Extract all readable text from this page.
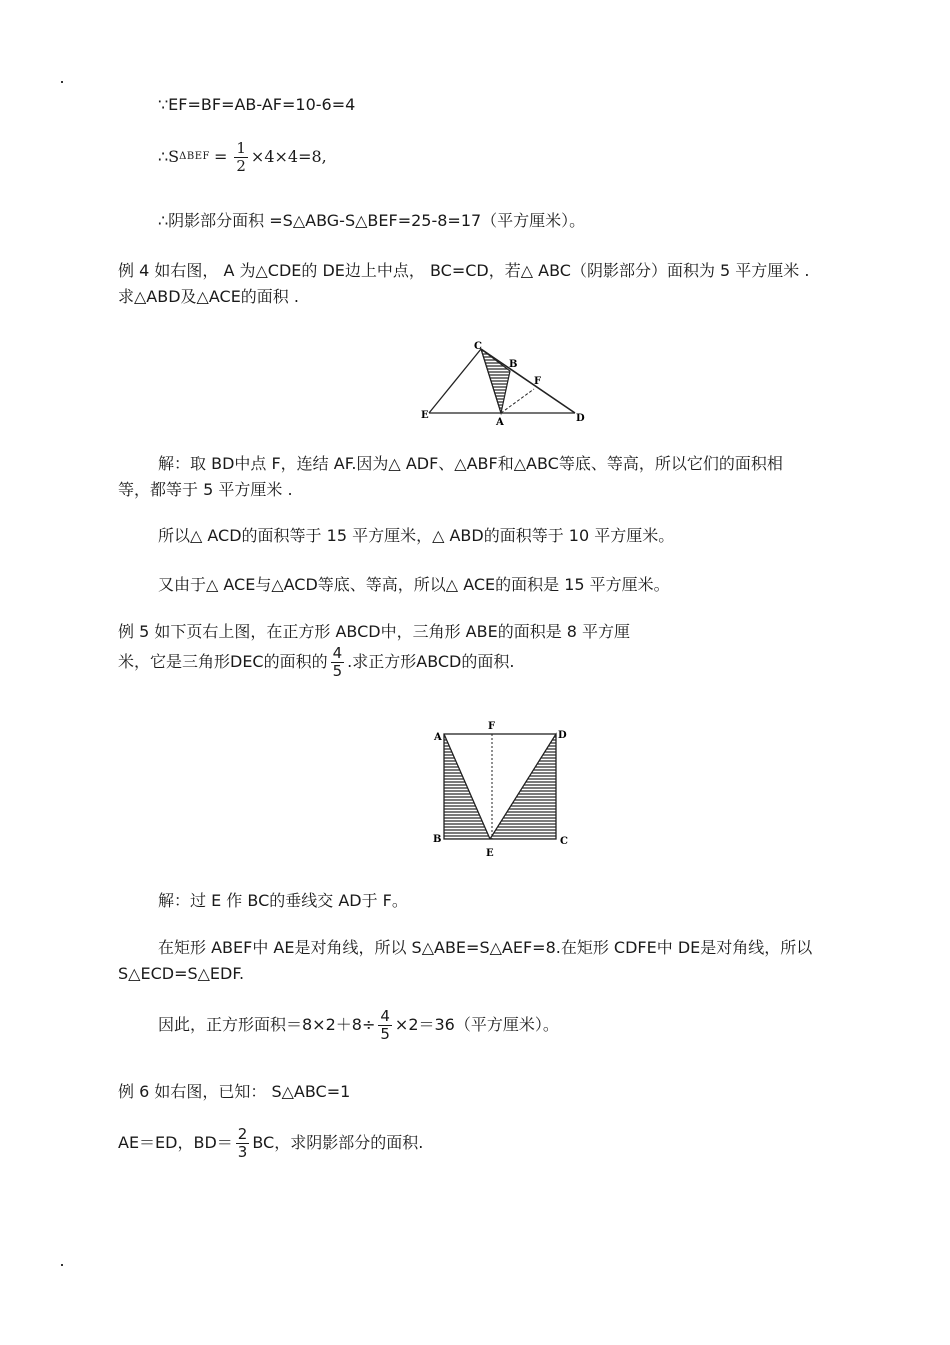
∵EF=BF=AB-AF=10-6=4
∴S $\Delta BEF = \frac{1}{2} \times 4\times 4=8$,
∴阴影部分面积 =S△ABG-S△BEF=25-8=17（平方厘米）。
例 4 如右图， A 为△CDE的 DE边上中点， BC=CD，若△ ABC（阴影部分）面积为 5 平方厘米 .
求△ABD及△ACE的面积 .
C
B
F
E
A	D
解：取 BD中点 F，连结 AF.因为△ ADF、△ABF和△ABC等底、等高，所以它们的面积相
等，都等于 5 平方厘米 .
所以△ ACD的面积等于 15 平方厘米，△ ABD的面积等于 10 平方厘米。
又由于△ ACE与△ACD等底、等高，所以△ ACE的面积是 15 平方厘米。
例 5 如下页右上图，在正方形 ABCD中，三角形 ABE的面积是 8 平方厘
米，它是三角形DEC的面积的 $\frac{4}{5}$ .求正方形ABCD的面积.
A
F
D
B
E
C
解：过 E 作 BC的垂线交 AD于 F。
在矩形 ABEF中 AE是对角线，所以 S△ABE=S△AEF=8.在矩形 CDFE中 DE是对角线，所以
S△ECD=S△EDF.
因此，正方形面积$=8\times 2+8\div \frac{4}{5} \times 2=36$（平方厘米）。
例 6 如右图，已知： S△ABC=1
AE＝ED，$BD= \frac{2}{3}$ BC，求阴影部分的面积.
